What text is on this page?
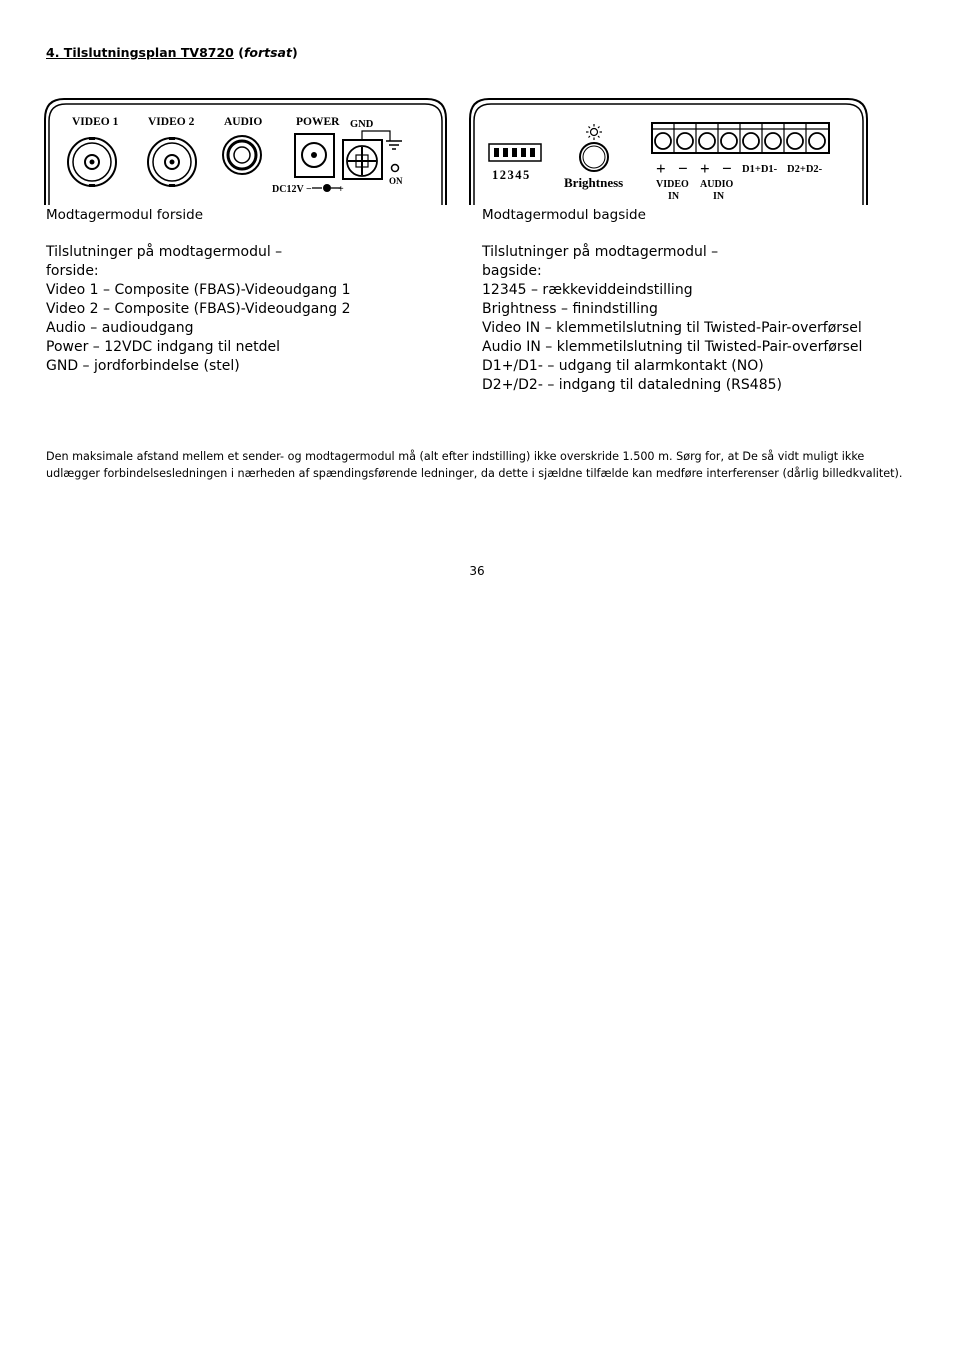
4. Tilslutningsplan TV8720 (fortsat)
VIDEO 1	VIDEO 2	AUDIO	POWER GND
ON
DC12V −	+
12345	Brightness
+ − + − D1+D1- D2+D2-
VIDEO
IN
AUDIO
IN
Modtagermodul forside	Modtagermodul bagside
Tilslutninger på modtagermodul –
forside:
Video 1 – Composite (FBAS)-Videoudgang 1
Video 2 – Composite (FBAS)-Videoudgang 2
Audio – audioudgang
Power – 12VDC indgang til netdel
GND – jordforbindelse (stel)
Tilslutninger på modtagermodul –
bagside:
12345 – rækkeviddeindstilling
Brightness – finindstilling
Video IN – klemmetilslutning til Twisted-Pair-overførsel
Audio IN – klemmetilslutning til Twisted-Pair-overførsel
D1+/D1- – udgang til alarmkontakt (NO)
D2+/D2- – indgang til dataledning (RS485)
Den maksimale afstand mellem et sender- og modtagermodul må (alt efter indstilling) ikke overskride 1.500 m. Sørg for, at De så vidt muligt ikke udlægger forbindelsesledningen i nærheden af spændingsførende ledninger, da dette i sjældne tilfælde kan medføre interferenser (dårlig billedkvalitet).
36
